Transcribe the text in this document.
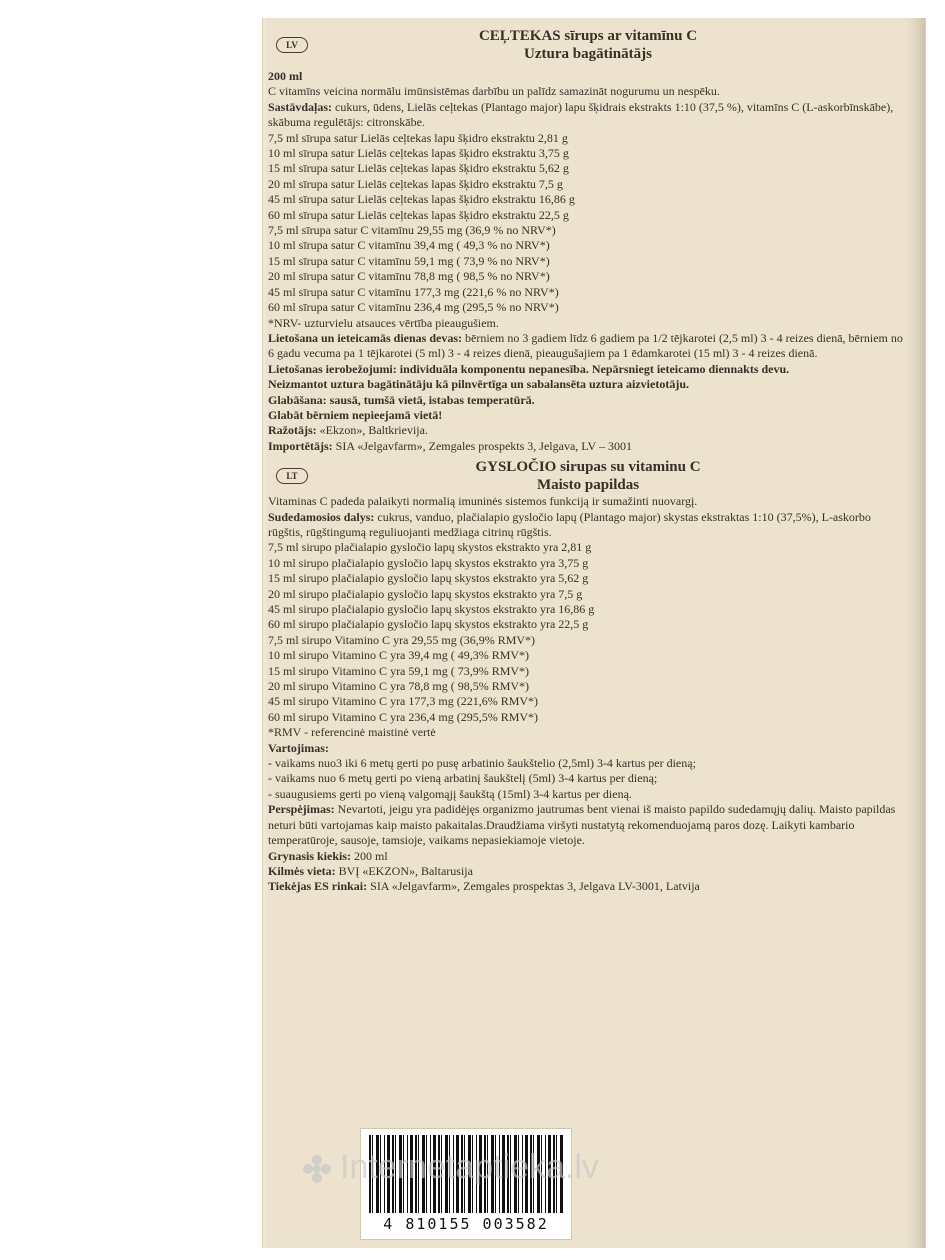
LV
CEĻTEKAS sīrups ar vitamīnu C
Uztura bagātinātājs

200 ml

C vitamīns veicina normālu imūnsistēmas darbību un palīdz samazināt nogurumu un nespēku.

Sastāvdaļas: cukurs, ūdens, Lielās ceļtekas (Plantago major) lapu šķidrais ekstrakts 1:10 (37,5 %), vitamīns C (L-askorbīnskābe), skābuma regulētājs: citronskābe.

7,5 ml sīrupa satur Lielās ceļtekas lapu šķidro ekstraktu 2,81 g

10 ml sīrupa satur Lielās ceļtekas lapas šķidro ekstraktu 3,75 g

15 ml sīrupa satur Lielās ceļtekas lapas šķidro ekstraktu 5,62 g

20 ml sīrupa satur Lielās ceļtekas lapas šķidro ekstraktu 7,5 g

45 ml sīrupa satur Lielās ceļtekas lapas šķidro ekstraktu 16,86 g

60 ml sīrupa satur Lielās ceļtekas lapas šķidro ekstraktu 22,5 g

7,5 ml sīrupa satur C vitamīnu 29,55 mg (36,9 % no NRV*)

10 ml sīrupa satur C vitamīnu 39,4 mg ( 49,3 % no NRV*)

15 ml sīrupa satur C vitamīnu 59,1 mg ( 73,9 % no NRV*)

20 ml sīrupa satur C vitamīnu 78,8 mg ( 98,5 % no NRV*)

45 ml sīrupa satur C vitamīnu 177,3 mg (221,6 % no NRV*)

60 ml sīrupa satur C vitamīnu 236,4 mg (295,5 % no NRV*)

*NRV- uzturvielu atsauces vērtība pieaugušiem.

Lietošana un ieteicamās dienas devas: bērniem no 3 gadiem līdz 6 gadiem pa 1/2 tējkarotei (2,5 ml) 3 - 4 reizes dienā, bērniem no 6 gadu vecuma pa 1 tējkarotei (5 ml) 3 - 4 reizes dienā, pieaugušajiem pa 1 ēdamkarotei (15 ml) 3 - 4 reizes dienā.

Lietošanas ierobežojumi: individuāla komponentu nepanesība. Nepārsniegt ieteicamo diennakts devu.

Neizmantot uztura bagātinātāju kā pilnvērtīga un sabalansēta uztura aizvietotāju.

Glabāšana: sausā, tumšā vietā, istabas temperatūrā.

Glabāt bērniem nepieejamā vietā!

Ražotājs: «Ekzon», Baltkrievija.

Importētājs: SIA «Jelgavfarm», Zemgales prospekts 3, Jelgava, LV – 3001

LT
GYSLOČIO sirupas su vitaminu C
Maisto papildas

Vitaminas C padeda palaikyti normalią imuninės sistemos funkciją ir sumažinti nuovargį.

Sudedamosios dalys: cukrus, vanduo, plačialapio gysločio lapų (Plantago major) skystas ekstraktas 1:10 (37,5%), L-askorbo rūgštis, rūgštingumą reguliuojanti medžiaga citrinų rūgštis.

7,5 ml sirupo plačialapio gysločio lapų skystos ekstrakto yra 2,81 g

10 ml sirupo plačialapio gysločio lapų skystos ekstrakto yra 3,75 g

15 ml sirupo plačialapio gysločio lapų skystos ekstrakto yra 5,62 g

20 ml sirupo plačialapio gysločio lapų skystos ekstrakto yra 7,5 g

45 ml sirupo plačialapio gysločio lapų skystos ekstrakto yra 16,86 g

60 ml sirupo plačialapio gysločio lapų skystos ekstrakto yra 22,5 g

7,5 ml sirupo Vitamino C yra 29,55 mg (36,9% RMV*)

10 ml sirupo Vitamino C yra 39,4 mg ( 49,3% RMV*)

15 ml sirupo Vitamino C yra 59,1 mg ( 73,9% RMV*)

20 ml sirupo Vitamino C yra 78,8 mg ( 98,5% RMV*)

45 ml sirupo Vitamino C yra 177,3 mg (221,6% RMV*)

60 ml sirupo Vitamino C yra 236,4 mg (295,5% RMV*)

*RMV - referencinė maistinė vertė

Vartojimas:

- vaikams nuo3 iki 6 metų gerti po pusę arbatinio šaukštelio (2,5ml) 3-4 kartus per dieną;

- vaikams nuo 6 metų gerti po vieną arbatinį šaukštelį (5ml) 3-4 kartus per dieną;

- suaugusiems gerti po vieną valgomąjį šaukštą (15ml) 3-4 kartus per dieną.

Perspėjimas: Nevartoti, jeigu yra padidėjęs organizmo jautrumas bent vienai iš maisto papildo sudedamųjų dalių. Maisto papildas neturi būti vartojamas kaip maisto pakaitalas.Draudžiama viršyti nustatytą rekomenduojamą paros dozę. Laikyti kambario temperatūroje, sausoje, tamsioje, vaikams nepasiekiamoje vietoje.

Grynasis kiekis: 200 ml

Kilmės vieta: BVĮ «EKZON», Baltarusija

Tiekėjas ES rinkai: SIA «Jelgavfarm», Zemgales prospektas 3, Jelgava LV-3001, Latvija

4 810155 003582
Internetaptieka.lv
